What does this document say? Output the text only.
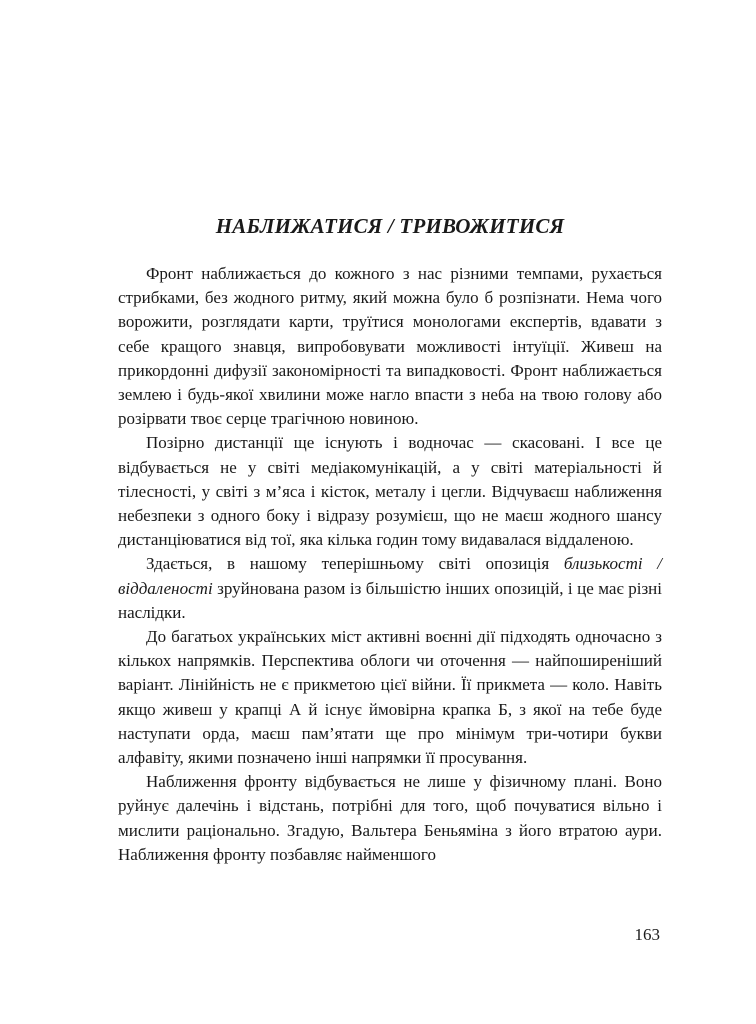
НАБЛИЖАТИСЯ / ТРИВОЖИТИСЯ

Фронт наближається до кожного з нас різними темпами, рухається стрибками, без жодного ритму, який можна було б розпізнати. Нема чого ворожити, розглядати карти, труїтися монологами експертів, вдавати з себе кращого знавця, випробовувати можливості інтуїції. Живеш на прикордонні дифузії закономірності та випадковості. Фронт наближається землею і будь-якої хвилини може нагло впасти з неба на твою голову або розірвати твоє серце трагічною новиною.

Позірно дистанції ще існують і водночас — скасовані. І все це відбувається не у світі медіакомунікацій, а у світі матеріальності й тілесності, у світі з м’яса і кісток, металу і цегли. Відчуваєш наближення небезпеки з одного боку і відразу розумієш, що не маєш жодного шансу дистанціюватися від тої, яка кілька годин тому видавалася віддаленою.

Здається, в нашому теперішньому світі опозиція близькості / віддаленості зруйнована разом із більшістю інших опозицій, і це має різні наслідки.

До багатьох українських міст активні воєнні дії підходять одночасно з кількох напрямків. Перспектива облоги чи оточення — найпоширеніший варіант. Лінійність не є прикметою цієї війни. Її прикмета — коло. Навіть якщо живеш у крапці А й існує ймовірна крапка Б, з якої на тебе буде наступати орда, маєш пам’ятати ще про мінімум три-чотири букви алфавіту, якими позначено інші напрямки її просування.

Наближення фронту відбувається не лише у фізичному плані. Воно руйнує далечінь і відстань, потрібні для того, щоб почуватися вільно і мислити раціонально. Згадую, Вальтера Беньяміна з його втратою аури. Наближення фронту позбавляє найменшого

163
